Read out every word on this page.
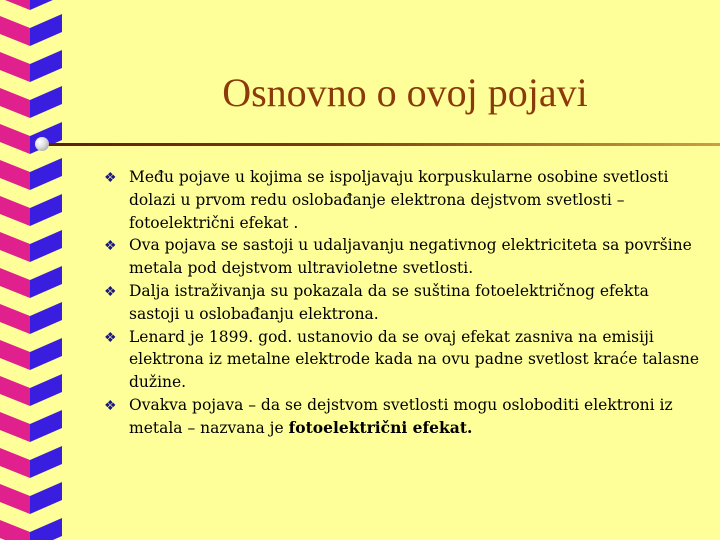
Osnovno o ovoj pojavi
❖ Među pojave u kojima se ispoljavaju korpuskularne osobine svetlosti dolazi u prvom redu oslobađanje elektrona dejstvom svetlosti – fotoelektrični efekat .
❖ Ova pojava se sastoji u udaljavanju negativnog elektriciteta sa površine metala pod dejstvom ultravioletne svetlosti.
❖ Dalja istraživanja su pokazala da se suština fotoelektričnog efekta sastoji u oslobađanju elektrona.
❖ Lenard je 1899. god. ustanovio da se ovaj efekat zasniva na emisiji elektrona iz metalne elektrode kada na ovu padne svetlost kraće talasne dužine.
❖ Ovakva pojava – da se dejstvom svetlosti mogu osloboditi elektroni iz metala – nazvana je fotoelektrični efekat.
